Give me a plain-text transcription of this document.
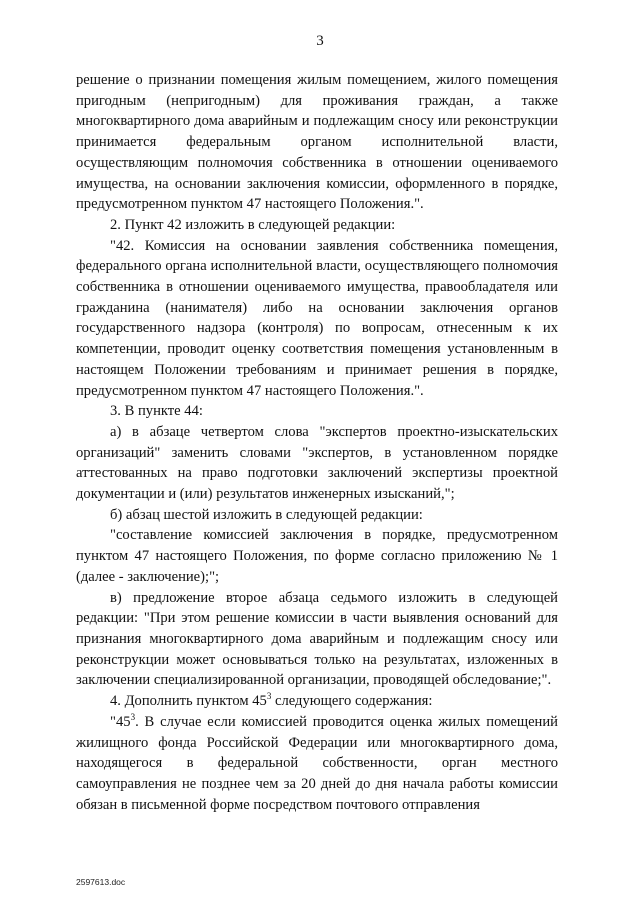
3

решение о признании помещения жилым помещением, жилого помещения пригодным (непригодным) для проживания граждан, а также многоквартирного дома аварийным и подлежащим сносу или реконструкции принимается федеральным органом исполнительной власти, осуществляющим полномочия собственника в отношении оцениваемого имущества, на основании заключения комиссии, оформленного в порядке, предусмотренном пунктом 47 настоящего Положения.".

2. Пункт 42 изложить в следующей редакции:

"42. Комиссия на основании заявления собственника помещения, федерального органа исполнительной власти, осуществляющего полномочия собственника в отношении оцениваемого имущества, правообладателя или гражданина (нанимателя) либо на основании заключения органов государственного надзора (контроля) по вопросам, отнесенным к их компетенции, проводит оценку соответствия помещения установленным в настоящем Положении требованиям и принимает решения в порядке, предусмотренном пунктом 47 настоящего Положения.".

3. В пункте 44:

а) в абзаце четвертом слова "экспертов проектно-изыскательских организаций" заменить словами "экспертов, в установленном порядке аттестованных на право подготовки заключений экспертизы проектной документации и (или) результатов инженерных изысканий,";

б) абзац шестой изложить в следующей редакции:

"составление комиссией заключения в порядке, предусмотренном пунктом 47 настоящего Положения, по форме согласно приложению № 1 (далее - заключение);";

в) предложение второе абзаца седьмого изложить в следующей редакции: "При этом решение комиссии в части выявления оснований для признания многоквартирного дома аварийным и подлежащим сносу или реконструкции может основываться только на результатах, изложенных в заключении специализированной организации, проводящей обследование;".

4. Дополнить пунктом $45^3$ следующего содержания:

"$45^3$. В случае если комиссией проводится оценка жилых помещений жилищного фонда Российской Федерации или многоквартирного дома, находящегося в федеральной собственности, орган местного самоуправления не позднее чем за 20 дней до дня начала работы комиссии обязан в письменной форме посредством почтового отправления

2597613.doc
